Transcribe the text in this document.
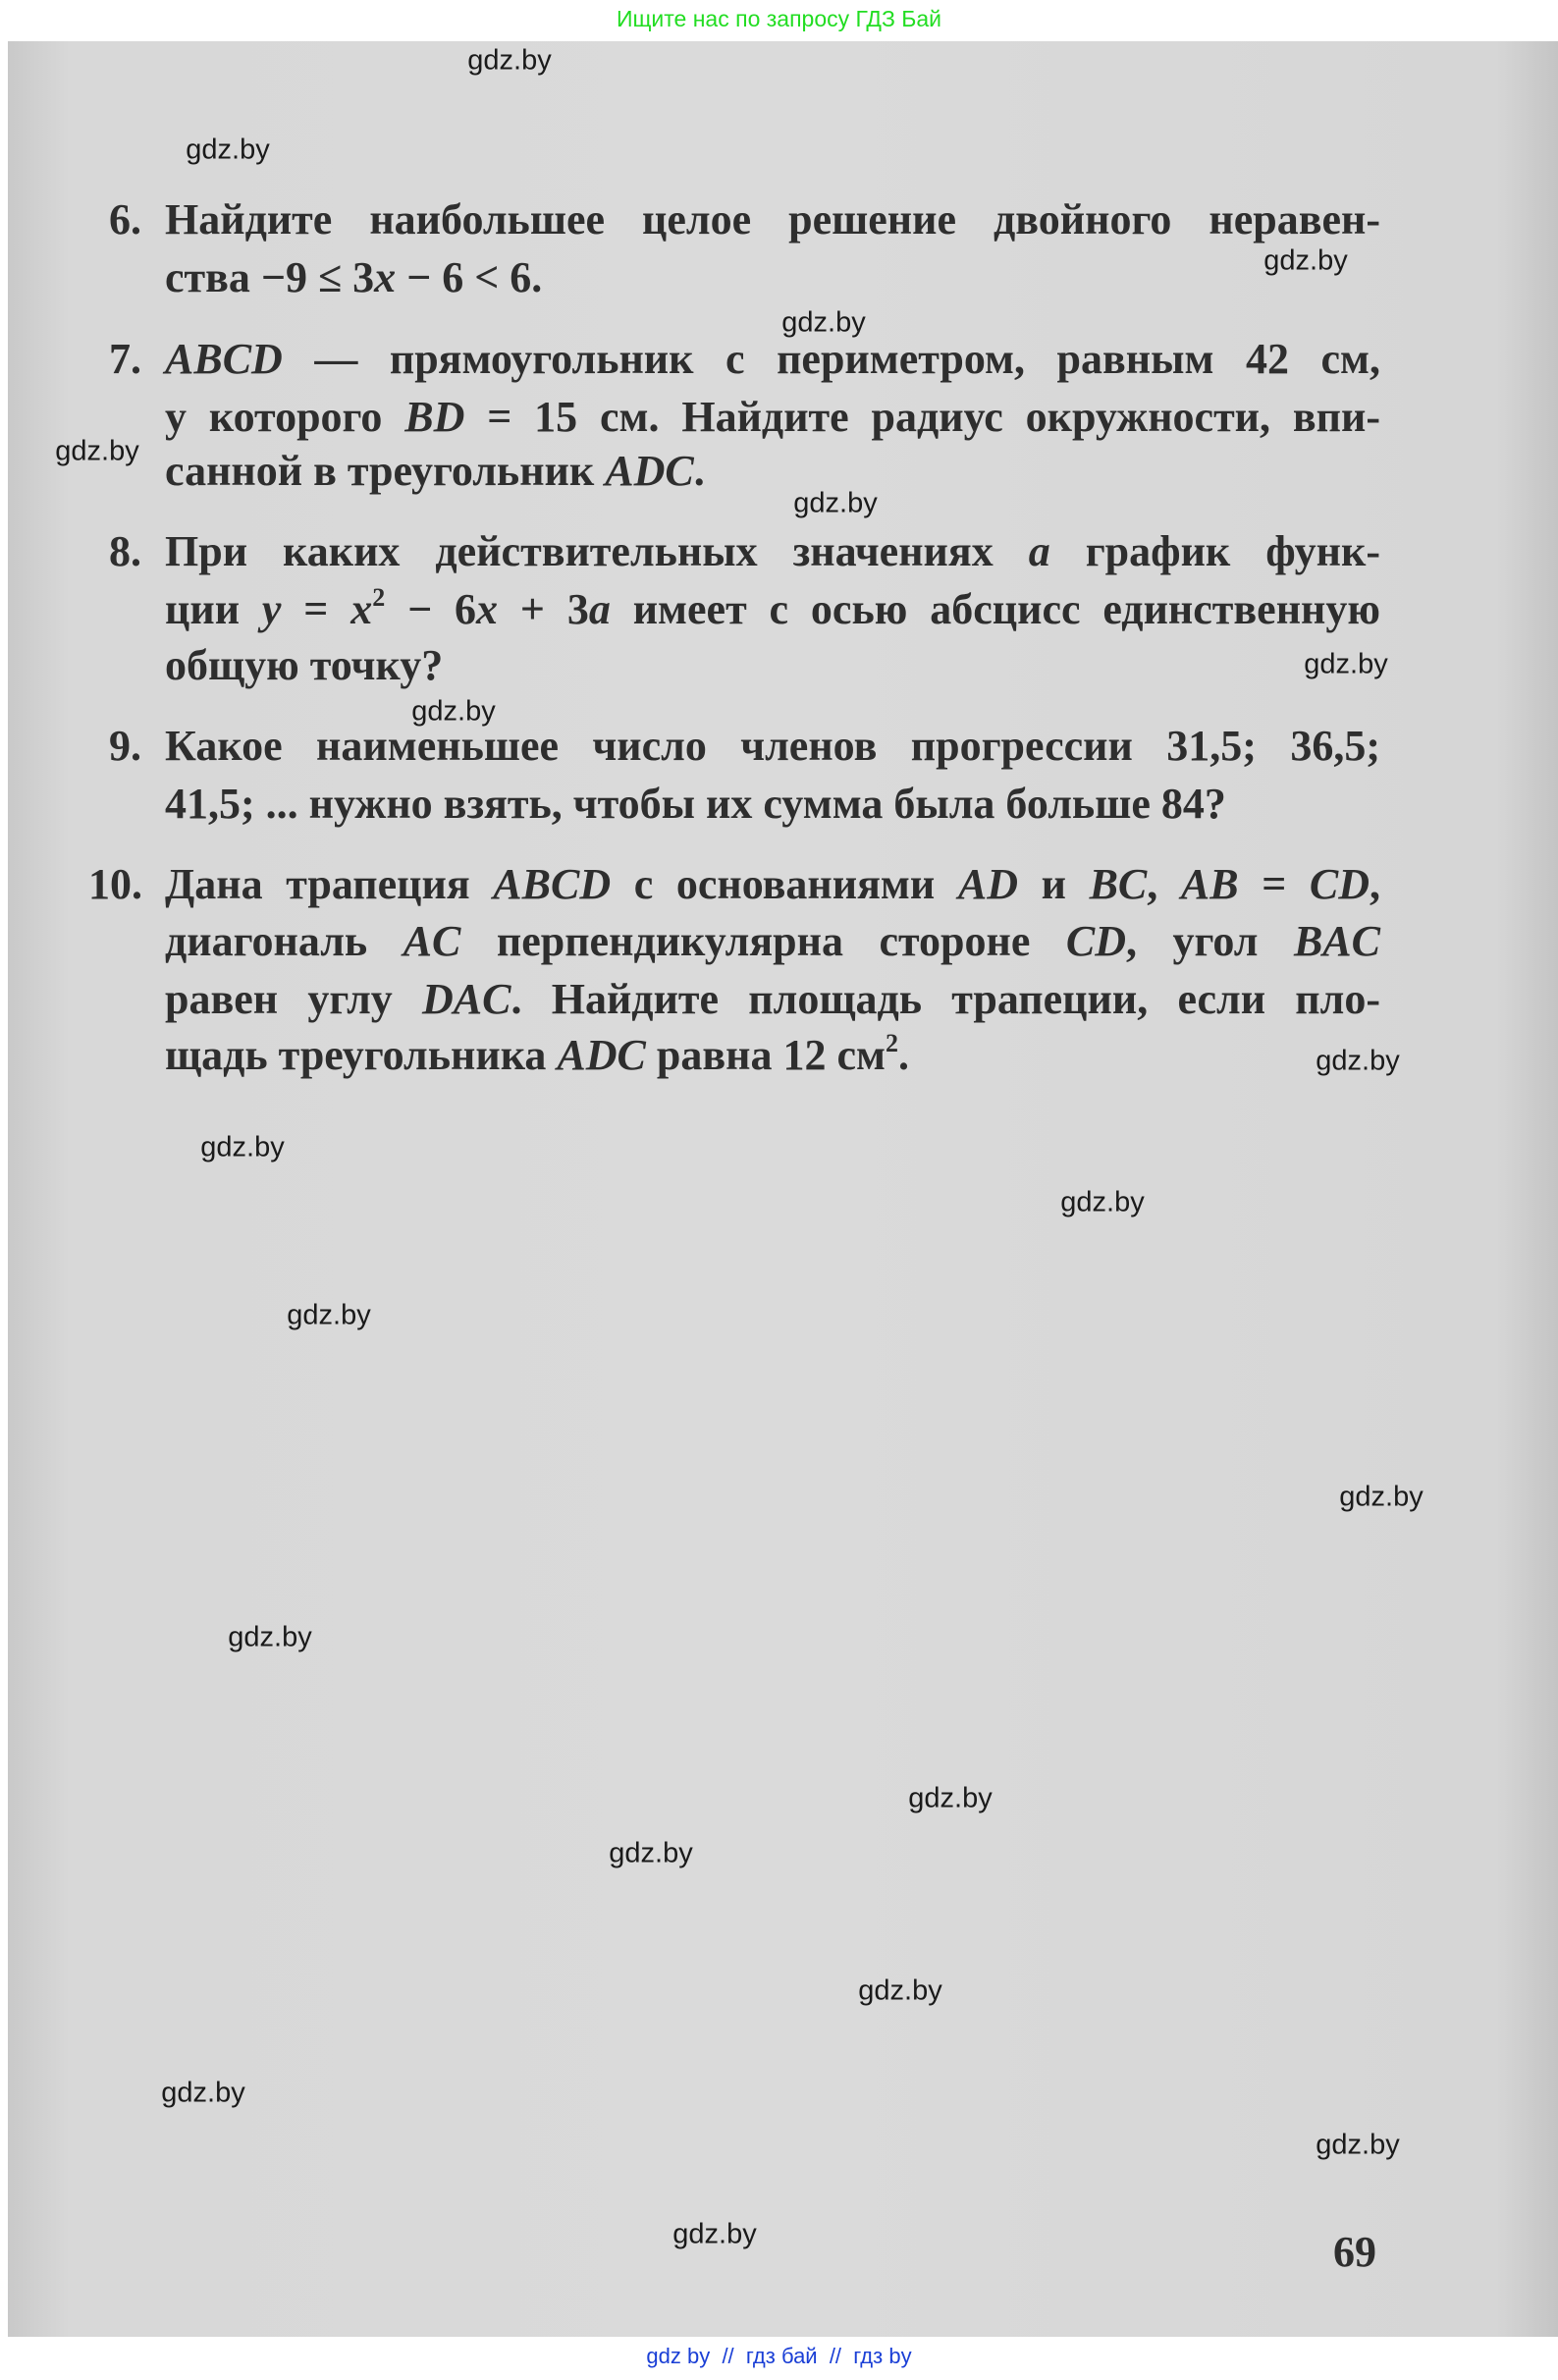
Ищите нас по запросу ГДЗ Бай
6. Найдите наибольшее целое решение двойного неравен-
ства −9 ≤ 3x − 6 < 6.
7. ABCD — прямоугольник с периметром, равным 42 см,
у которого BD = 15 см. Найдите радиус окружности, впи-
санной в треугольник ADC.
8. При каких действительных значениях a график функ-
ции $y = x^2 - 6x + 3a$ имеет с осью абсцисс единственную
общую точку?
9. Какое наименьшее число членов прогрессии 31,5; 36,5;
41,5; ... нужно взять, чтобы их сумма была больше 84?
10. Дана трапеция ABCD с основаниями AD и BC, AB = CD,
диагональ AC перпендикулярна стороне CD, угол BAC
равен углу DAC. Найдите площадь трапеции, если пло-
щадь треугольника ADC равна 12 $см^2$.
69
gdz.by
gdz.by
gdz.by
gdz.by
gdz.by
gdz.by
gdz.by
gdz.by
gdz.by
gdz.by
gdz.by
gdz.by
gdz.by
gdz.by
gdz.by
gdz.by
gdz.by
gdz.by
gdz.by
gdz.by
gdz by  //  гдз бай  //  гдз by
